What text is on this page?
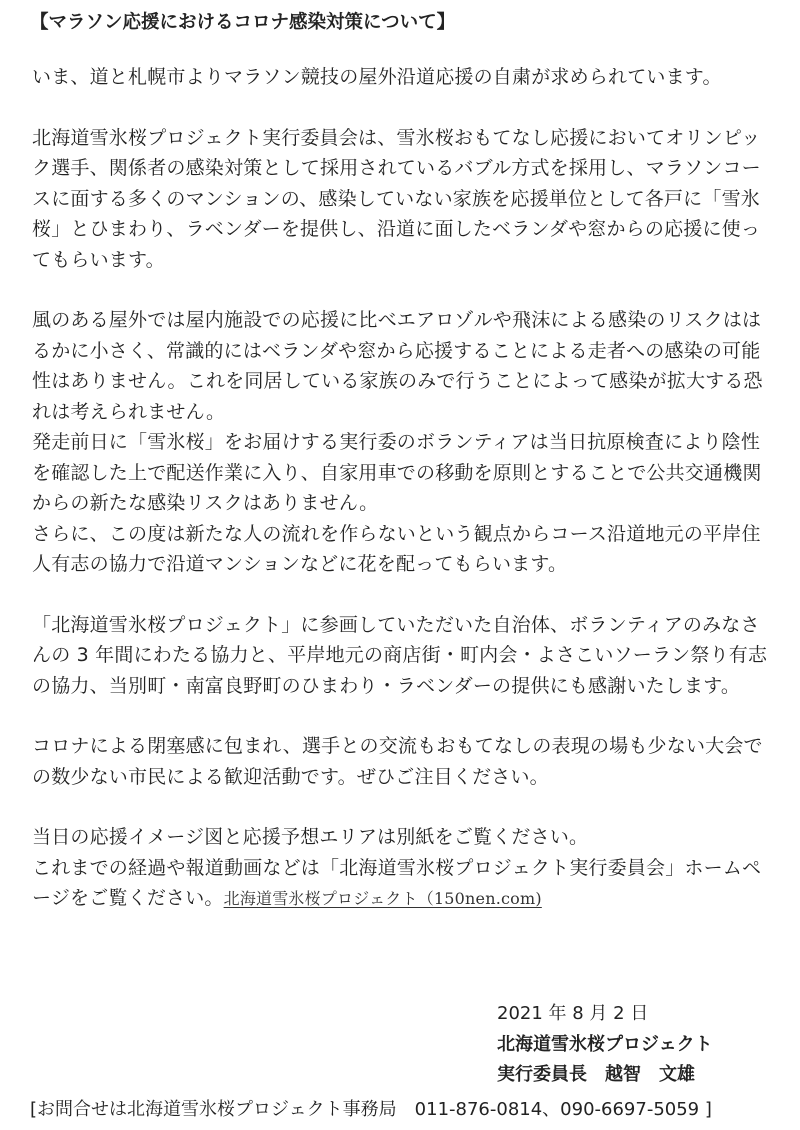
【マラソン応援におけるコロナ感染対策について】

いま、道と札幌市よりマラソン競技の屋外沿道応援の自粛が求められています。

北海道雪氷桜プロジェクト実行委員会は、雪氷桜おもてなし応援においてオリンピック選手、関係者の感染対策として採用されているバブル方式を採用し、マラソンコースに面する多くのマンションの、感染していない家族を応援単位として各戸に「雪氷桜」とひまわり、ラベンダーを提供し、沿道に面したベランダや窓からの応援に使ってもらいます。

風のある屋外では屋内施設での応援に比べエアロゾルや飛沫による感染のリスクははるかに小さく、常識的にはベランダや窓から応援することによる走者への感染の可能性はありません。これを同居している家族のみで行うことによって感染が拡大する恐れは考えられません。

発走前日に「雪氷桜」をお届けする実行委のボランティアは当日抗原検査により陰性を確認した上で配送作業に入り、自家用車での移動を原則とすることで公共交通機関からの新たな感染リスクはありません。

さらに、この度は新たな人の流れを作らないという観点からコース沿道地元の平岸住人有志の協力で沿道マンションなどに花を配ってもらいます。

「北海道雪氷桜プロジェクト」に参画していただいた自治体、ボランティアのみなさんの 3 年間にわたる協力と、平岸地元の商店街・町内会・よさこいソーラン祭り有志の協力、当別町・南富良野町のひまわり・ラベンダーの提供にも感謝いたします。

コロナによる閉塞感に包まれ、選手との交流もおもてなしの表現の場も少ない大会での数少ない市民による歓迎活動です。ぜひご注目ください。

当日の応援イメージ図と応援予想エリアは別紙をご覧ください。

これまでの経過や報道動画などは「北海道雪氷桜プロジェクト実行委員会」ホームページをご覧ください。北海道雪氷桜プロジェクト（150nen.com)

2021 年 8 月 2 日
北海道雪氷桜プロジェクト
実行委員長　越智　文雄
[お問合せは北海道雪氷桜プロジェクト事務局　011-876-0814、090-6697-5059 ]
